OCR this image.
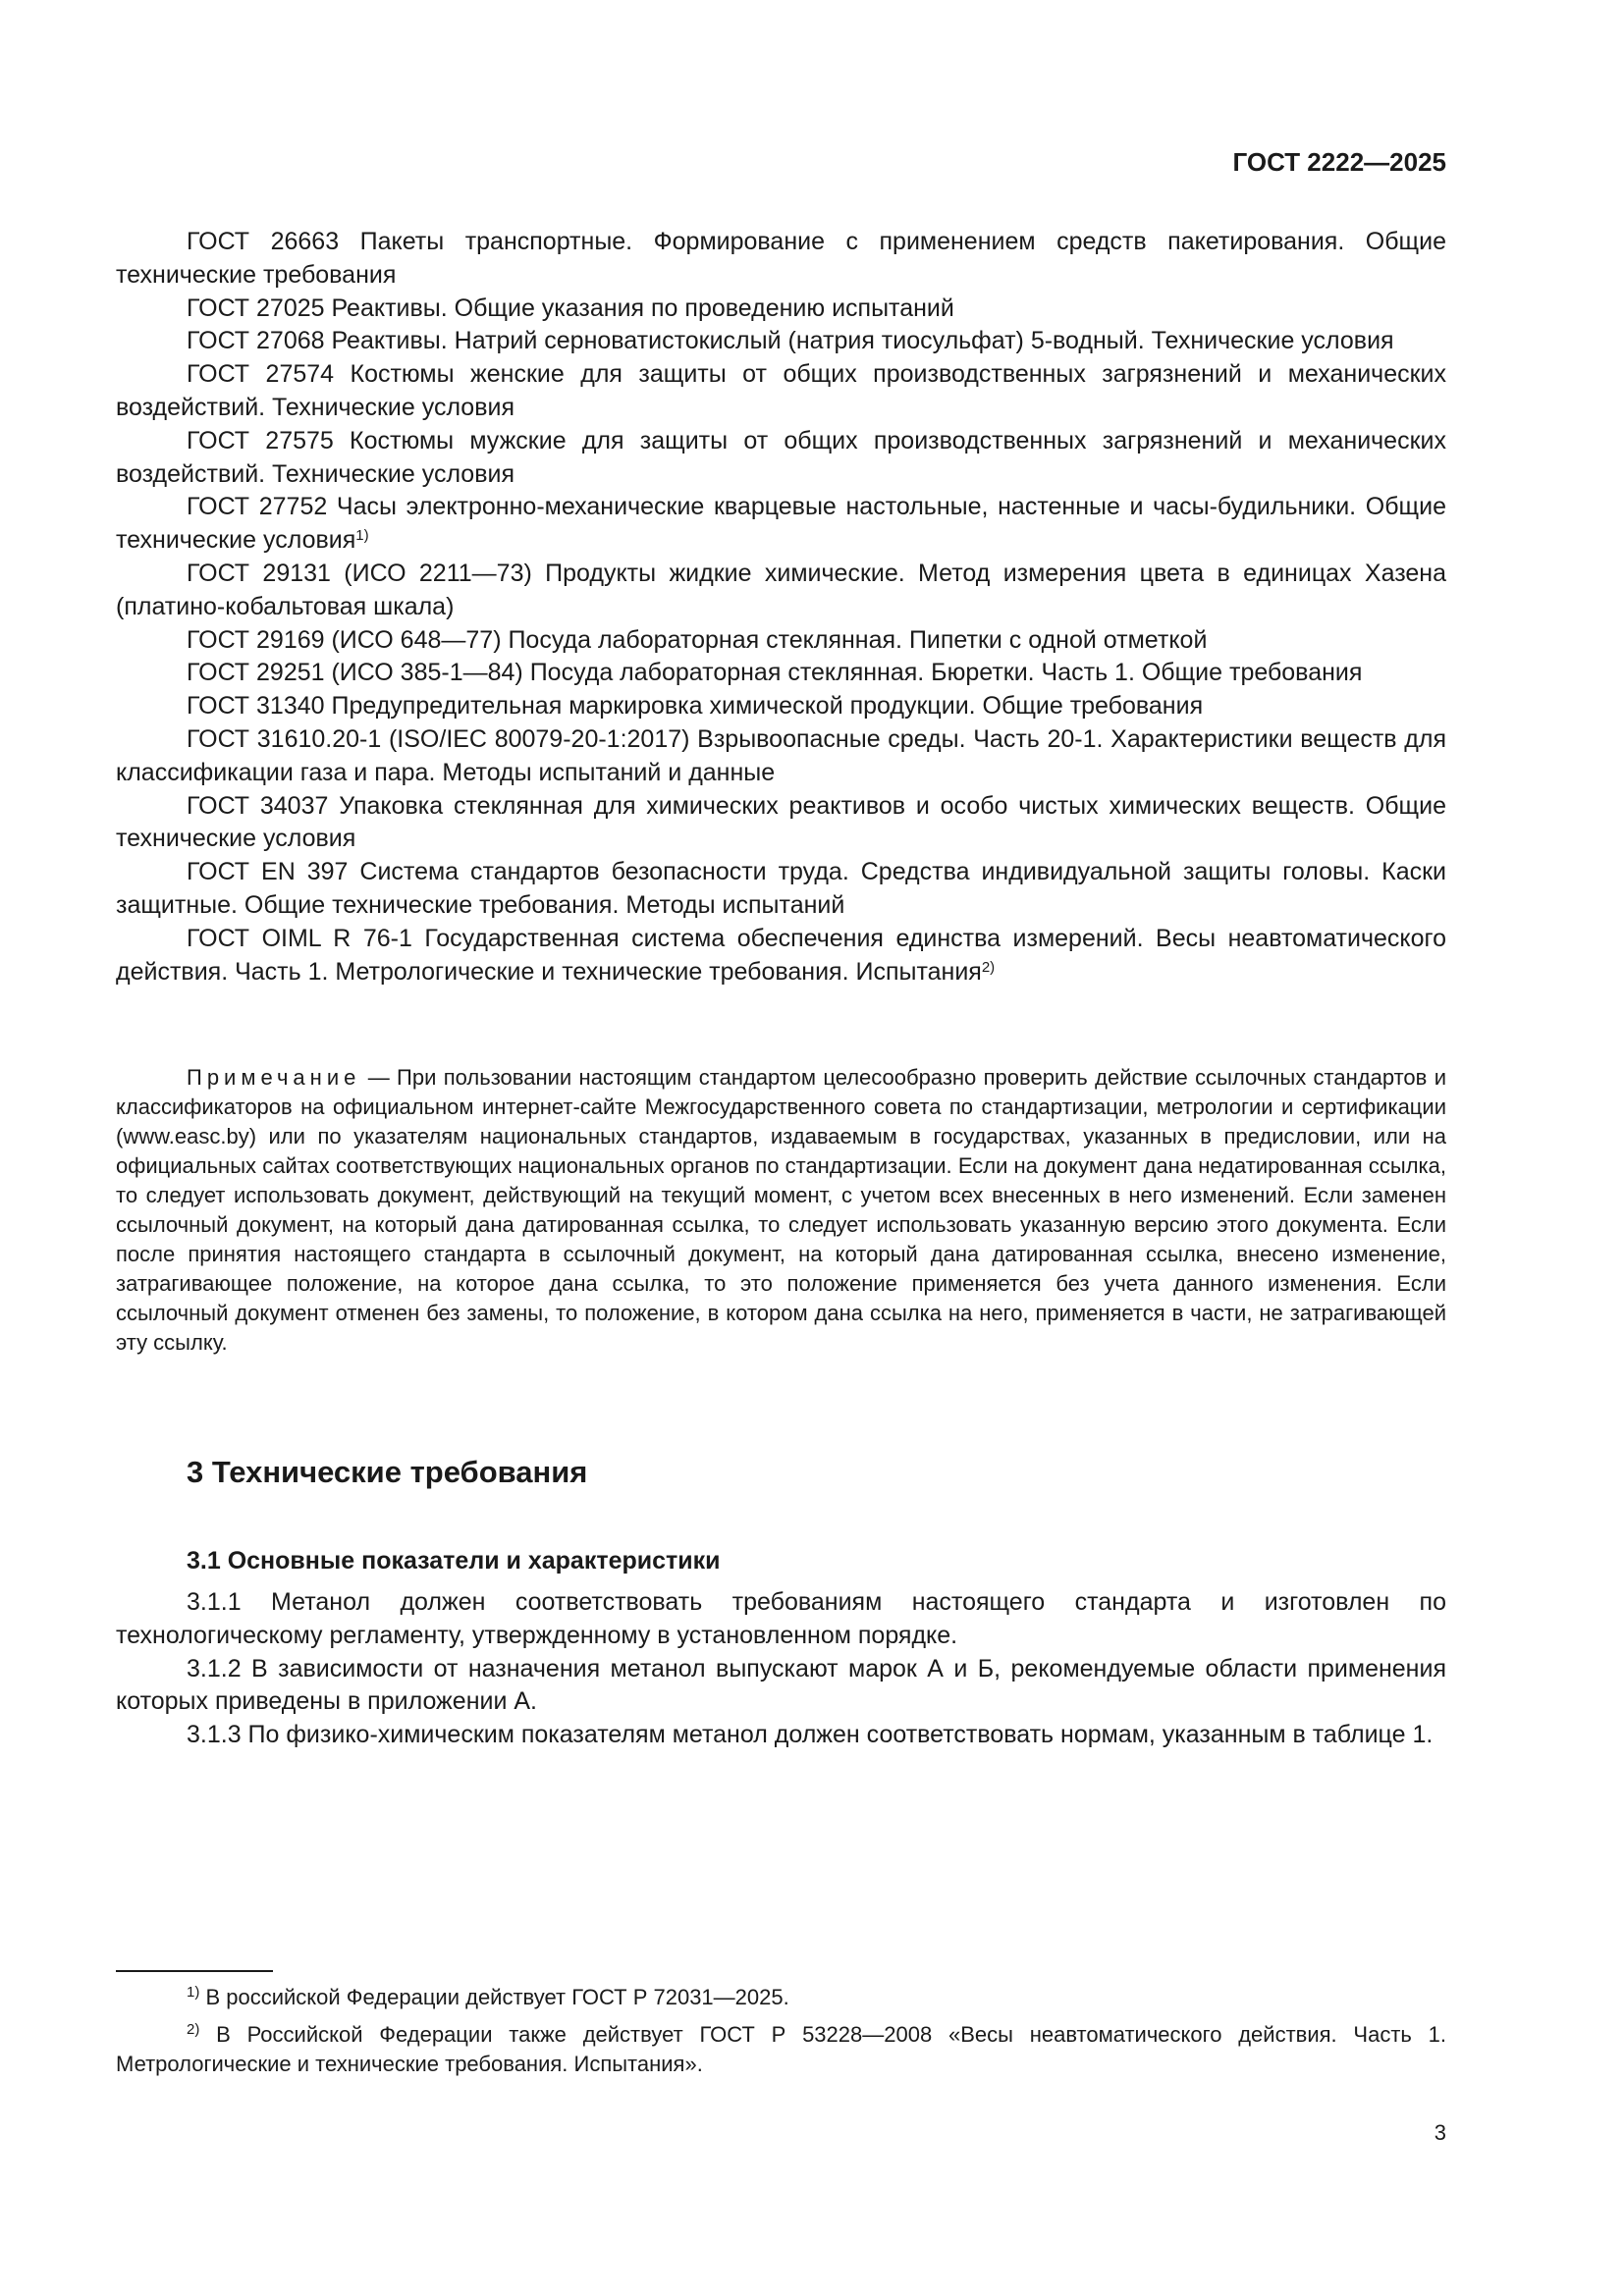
ГОСТ 2222—2025

ГОСТ 26663 Пакеты транспортные. Формирование с применением средств пакетирования. Общие технические требования

ГОСТ 27025 Реактивы. Общие указания по проведению испытаний

ГОСТ 27068 Реактивы. Натрий серноватистокислый (натрия тиосульфат) 5-водный. Технические условия

ГОСТ 27574 Костюмы женские для защиты от общих производственных загрязнений и механических воздействий. Технические условия

ГОСТ 27575 Костюмы мужские для защиты от общих производственных загрязнений и механических воздействий. Технические условия

ГОСТ 27752 Часы электронно-механические кварцевые настольные, настенные и часы-будильники. Общие технические условия$^{1)}$

ГОСТ 29131 (ИСО 2211—73) Продукты жидкие химические. Метод измерения цвета в единицах Хазена (платино-кобальтовая шкала)

ГОСТ 29169 (ИСО 648—77) Посуда лабораторная стеклянная. Пипетки с одной отметкой

ГОСТ 29251 (ИСО 385-1—84) Посуда лабораторная стеклянная. Бюретки. Часть 1. Общие требования

ГОСТ 31340 Предупредительная маркировка химической продукции. Общие требования

ГОСТ 31610.20-1 (ISO/IEC 80079-20-1:2017) Взрывоопасные среды. Часть 20-1. Характеристики веществ для классификации газа и пара. Методы испытаний и данные

ГОСТ 34037 Упаковка стеклянная для химических реактивов и особо чистых химических веществ. Общие технические условия

ГОСТ EN 397 Система стандартов безопасности труда. Средства индивидуальной защиты головы. Каски защитные. Общие технические требования. Методы испытаний

ГОСТ OIML R 76-1 Государственная система обеспечения единства измерений. Весы неавтоматического действия. Часть 1. Метрологические и технические требования. Испытания$^{2)}$

Примечание — При пользовании настоящим стандартом целесообразно проверить действие ссылочных стандартов и классификаторов на официальном интернет-сайте Межгосударственного совета по стандартизации, метрологии и сертификации (www.easc.by) или по указателям национальных стандартов, издаваемым в государствах, указанных в предисловии, или на официальных сайтах соответствующих национальных органов по стандартизации. Если на документ дана недатированная ссылка, то следует использовать документ, действующий на текущий момент, с учетом всех внесенных в него изменений. Если заменен ссылочный документ, на который дана датированная ссылка, то следует использовать указанную версию этого документа. Если после принятия настоящего стандарта в ссылочный документ, на который дана датированная ссылка, внесено изменение, затрагивающее положение, на которое дана ссылка, то это положение применяется без учета данного изменения. Если ссылочный документ отменен без замены, то положение, в котором дана ссылка на него, применяется в части, не затрагивающей эту ссылку.

3 Технические требования
3.1 Основные показатели и характеристики

3.1.1 Метанол должен соответствовать требованиям настоящего стандарта и изготовлен по технологическому регламенту, утвержденному в установленном порядке.

3.1.2 В зависимости от назначения метанол выпускают марок А и Б, рекомендуемые области применения которых приведены в приложении А.

3.1.3 По физико-химическим показателям метанол должен соответствовать нормам, указанным в таблице 1.

$^{1)}$ В российской Федерации действует ГОСТ Р 72031—2025.

$^{2)}$ В Российской Федерации также действует ГОСТ Р 53228—2008 «Весы неавтоматического действия. Часть 1. Метрологические и технические требования. Испытания».

3
